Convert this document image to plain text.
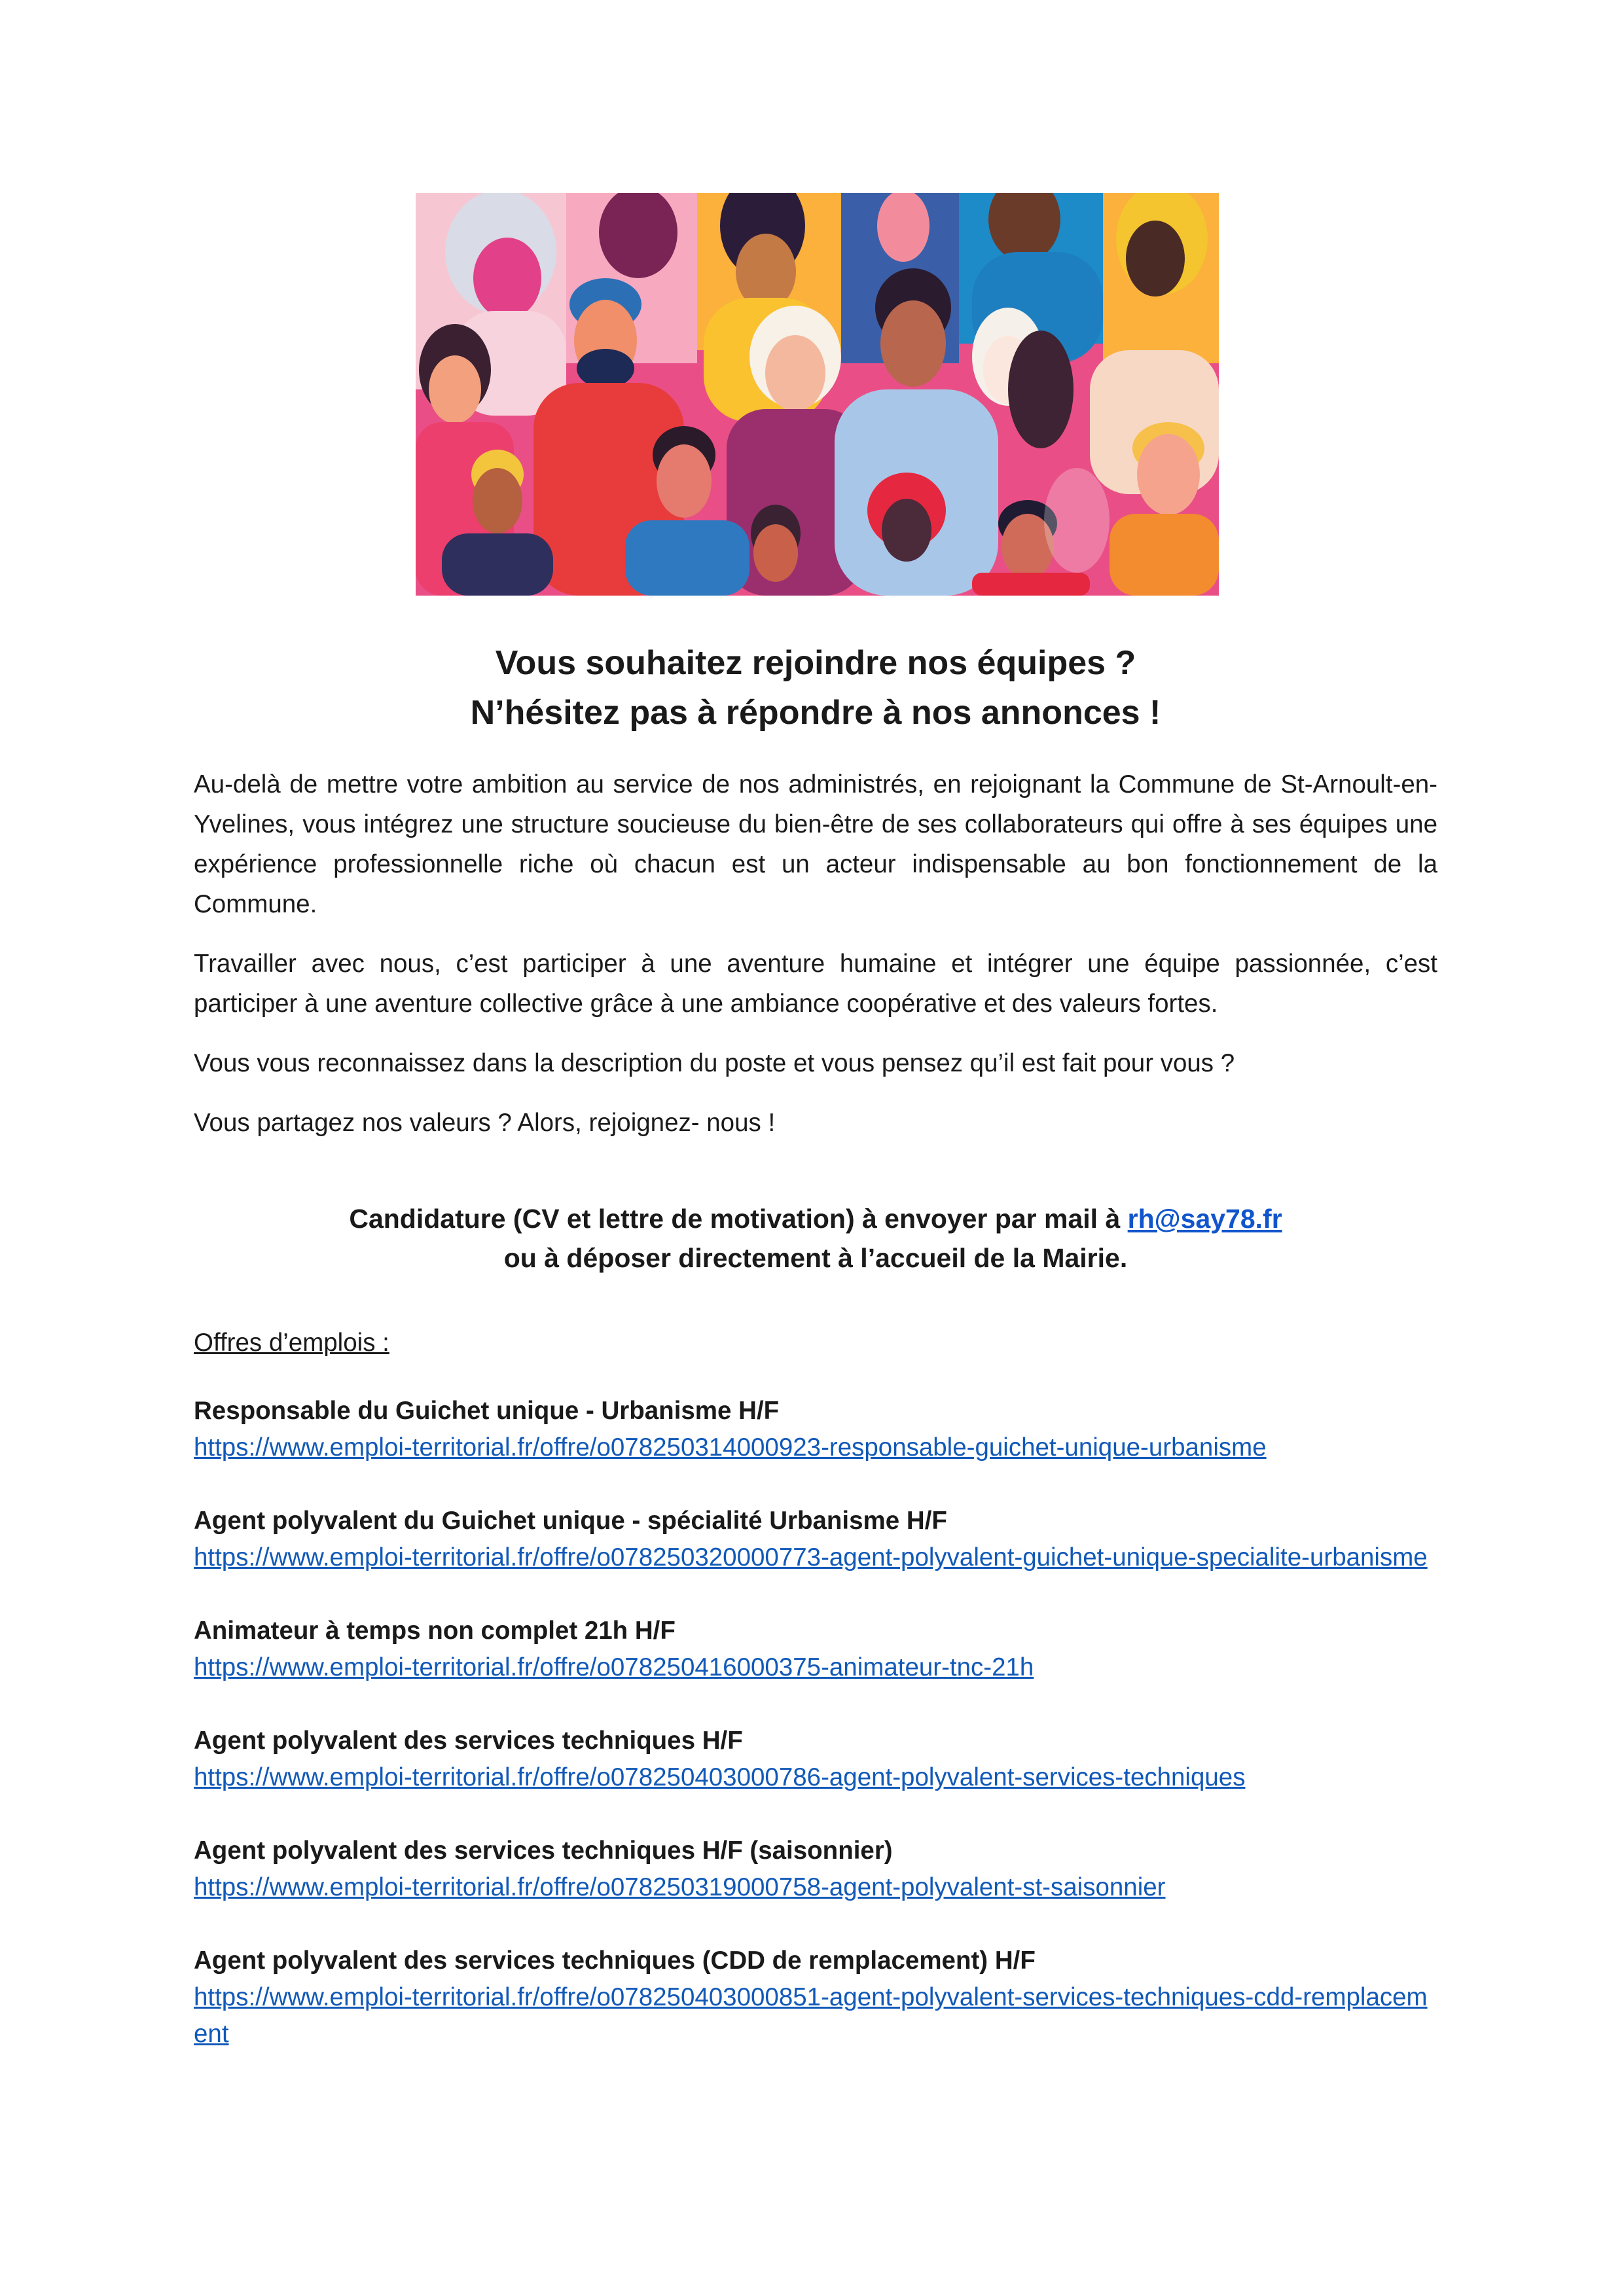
Vous souhaitez rejoindre nos équipes ?
N’hésitez pas à répondre à nos annonces !

Au-delà de mettre votre ambition au service de nos administrés, en rejoignant la Commune de St-Arnoult-en-Yvelines, vous intégrez une structure soucieuse du bien-être de ses collaborateurs qui offre à ses équipes une expérience professionnelle riche où chacun est un acteur indispensable au bon fonctionnement de la Commune.

Travailler avec nous, c’est participer à une aventure humaine et intégrer une équipe passionnée, c’est participer à une aventure collective grâce à une ambiance coopérative et des valeurs fortes.

Vous vous reconnaissez dans la description du poste et vous pensez qu’il est fait pour vous ?

Vous partagez nos valeurs ? Alors, rejoignez- nous !

Candidature (CV et lettre de motivation) à envoyer par mail à rh@say78.fr
ou à déposer directement à l’accueil de la Mairie.
Offres d’emplois :
Responsable du Guichet unique - Urbanisme H/F
https://www.emploi-territorial.fr/offre/o078250314000923-responsable-guichet-unique-urbanisme
Agent polyvalent du Guichet unique - spécialité Urbanisme H/F
https://www.emploi-territorial.fr/offre/o078250320000773-agent-polyvalent-guichet-unique-specialite-urbanisme
Animateur à temps non complet 21h H/F
https://www.emploi-territorial.fr/offre/o078250416000375-animateur-tnc-21h
Agent polyvalent des services techniques H/F
https://www.emploi-territorial.fr/offre/o078250403000786-agent-polyvalent-services-techniques
Agent polyvalent des services techniques H/F (saisonnier)
https://www.emploi-territorial.fr/offre/o078250319000758-agent-polyvalent-st-saisonnier
Agent polyvalent des services techniques (CDD de remplacement) H/F
https://www.emploi-territorial.fr/offre/o078250403000851-agent-polyvalent-services-techniques-cdd-remplacement
